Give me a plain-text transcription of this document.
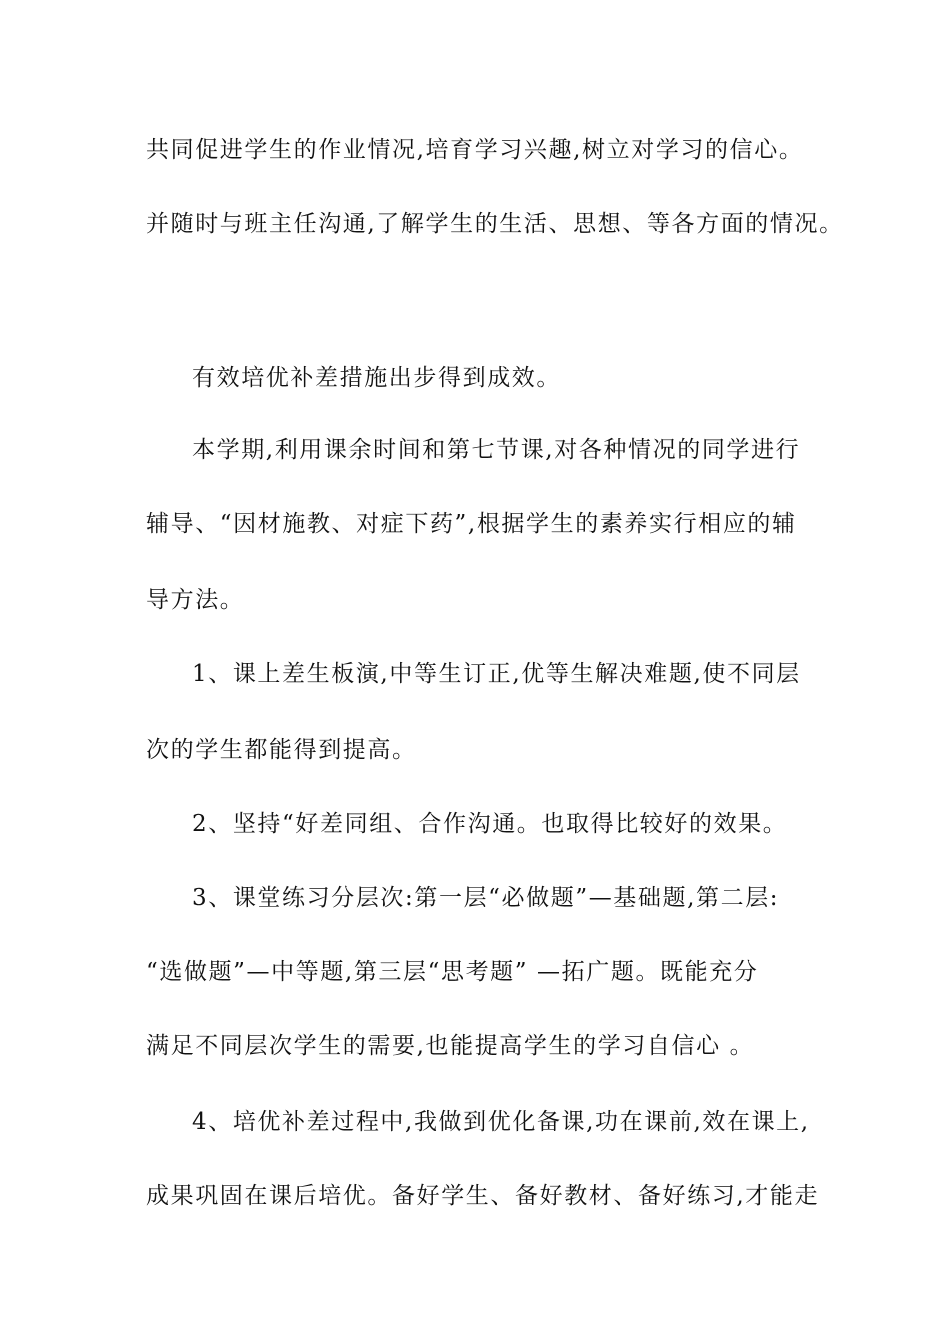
共同促进学生的作业情况,培育学习兴趣,树立对学习的信心。
并随时与班主任沟通,了解学生的生活、思想、等各方面的情况。
有效培优补差措施出步得到成效。
本学期,利用课余时间和第七节课,对各种情况的同学进行
辅导、“因材施教、对症下药”,根据学生的素养实行相应的辅
导方法。
1、课上差生板演,中等生订正,优等生解决难题,使不同层
次的学生都能得到提高。
2、坚持“好差同组、合作沟通。也取得比较好的效果。
3、课堂练习分层次:第一层“必做题”—基础题,第二层:
“选做题”—中等题,第三层“思考题” —拓广题。既能充分
满足不同层次学生的需要,也能提高学生的学习自信心 。
4、培优补差过程中,我做到优化备课,功在课前,效在课上,
成果巩固在课后培优。备好学生、备好教材、备好练习,才能走
